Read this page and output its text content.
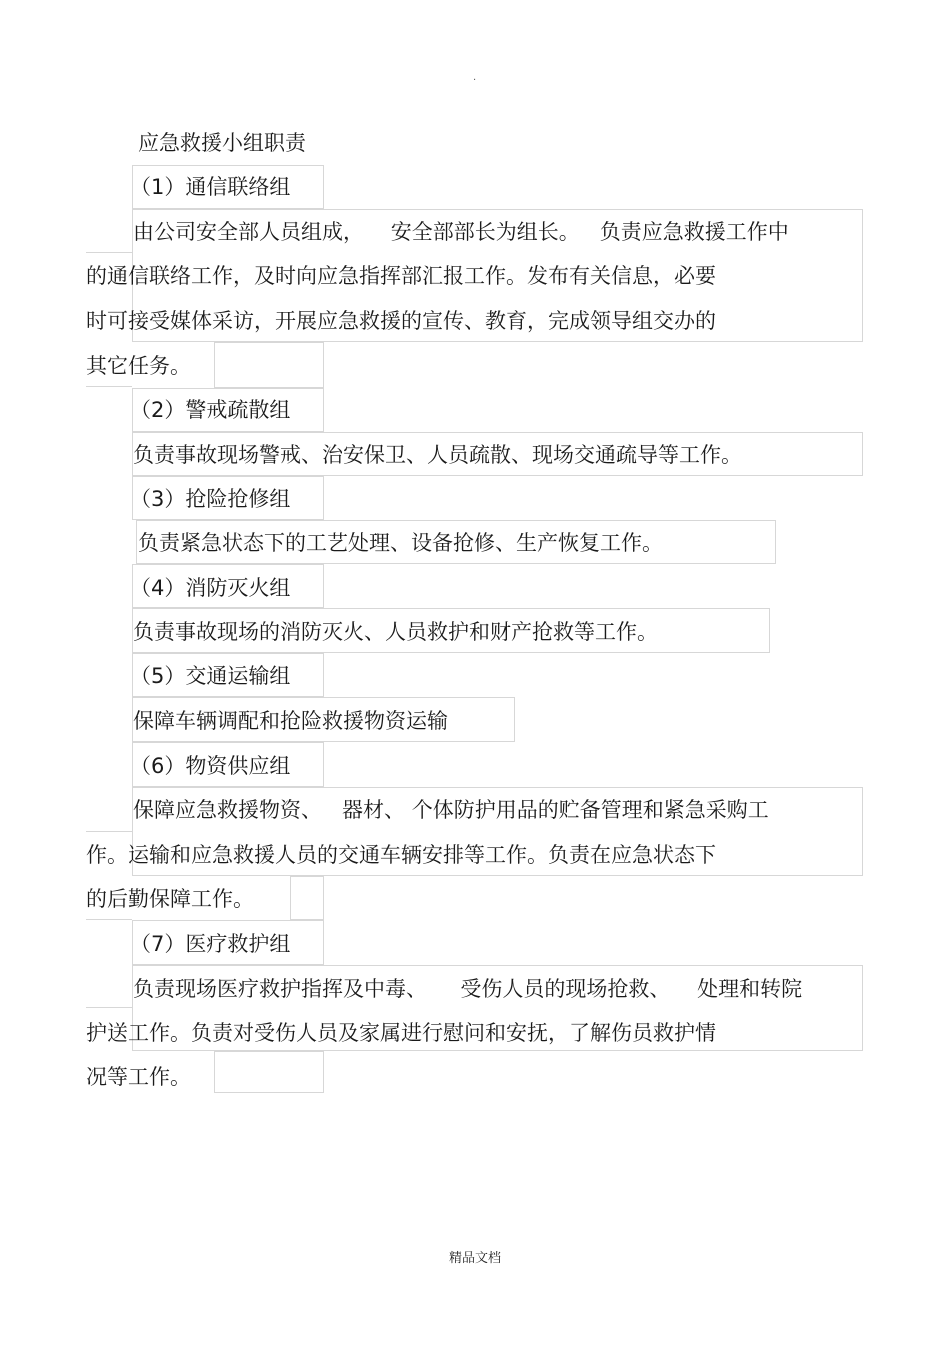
.
应急救援小组职责
（1）通信联络组
由公司安全部人员组成，    安全部部长为组长。   负责应急救援工作中
的通信联络工作，及时向应急指挥部汇报工作。发布有关信息，必要
时可接受媒体采访，开展应急救援的宣传、教育，完成领导组交办的
其它任务。
（2）警戒疏散组
负责事故现场警戒、治安保卫、人员疏散、现场交通疏导等工作。
（3）抢险抢修组
负责紧急状态下的工艺处理、设备抢修、生产恢复工作。
（4）消防灭火组
负责事故现场的消防灭火、人员救护和财产抢救等工作。
（5）交通运输组
保障车辆调配和抢险救援物资运输
（6）物资供应组
保障应急救援物资、   器材、 个体防护用品的贮备管理和紧急采购工
作。运输和应急救援人员的交通车辆安排等工作。负责在应急状态下
的后勤保障工作。
（7）医疗救护组
负责现场医疗救护指挥及中毒、     受伤人员的现场抢救、    处理和转院
护送工作。负责对受伤人员及家属进行慰问和安抚，了解伤员救护情
况等工作。
精品文档
